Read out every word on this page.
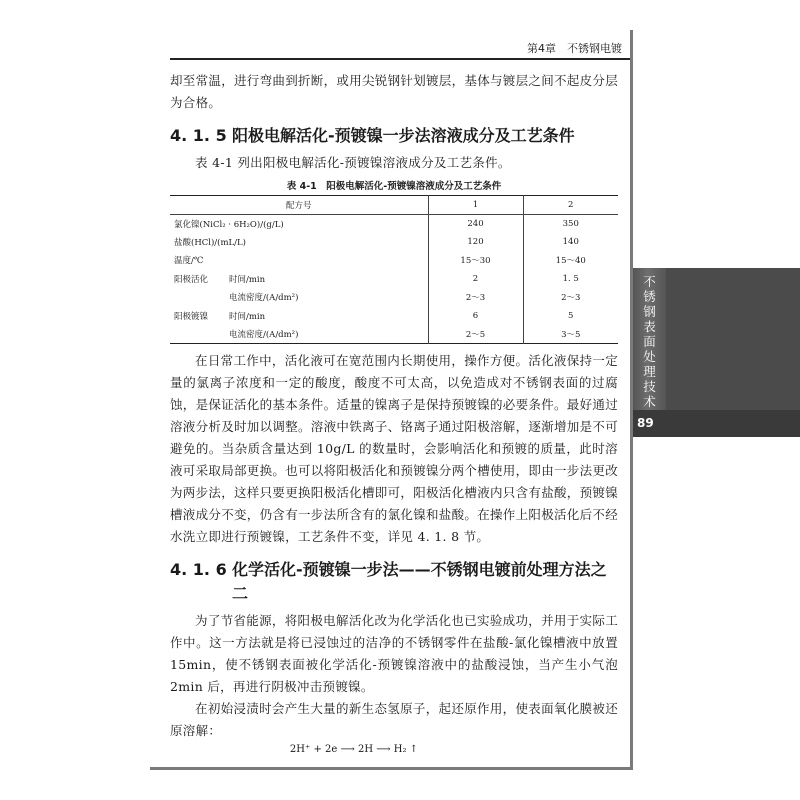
第4章　不锈钢电镀

却至常温，进行弯曲到折断，或用尖锐钢针划镀层，基体与镀层之间不起皮分层为合格。

4. 1. 5 阳极电解活化-预镀镍一步法溶液成分及工艺条件

表 4-1 列出阳极电解活化-预镀镍溶液成分及工艺条件。

表 4-1　阳极电解活化-预镀镍溶液成分及工艺条件
配方号		1	2
氯化镍(NiCl₂ · 6H₂O)/(g/L)		240	350
盐酸(HCl)/(mL/L)		120	140
温度/℃		15～30	15～40
阳极活化	时间/min	2	1. 5
	电流密度/(A/dm²)	2～3	2～3
阳极镀镍	时间/min	6	5
	电流密度/(A/dm²)	2～5	3～5

在日常工作中，活化液可在宽范围内长期使用，操作方便。活化液保持一定量的氯离子浓度和一定的酸度，酸度不可太高，以免造成对不锈钢表面的过腐蚀，是保证活化的基本条件。适量的镍离子是保持预镀镍的必要条件。最好通过溶液分析及时加以调整。溶液中铁离子、铬离子通过阳极溶解，逐渐增加是不可避免的。当杂质含量达到 10g/L 的数量时，会影响活化和预镀的质量，此时溶液可采取局部更换。也可以将阳极活化和预镀镍分两个槽使用，即由一步法更改为两步法，这样只要更换阳极活化槽即可，阳极活化槽液内只含有盐酸，预镀镍槽液成分不变，仍含有一步法所含有的氯化镍和盐酸。在操作上阳极活化后不经水洗立即进行预镀镍，工艺条件不变，详见 4. 1. 8 节。

4. 1. 6 化学活化-预镀镍一步法——不锈钢电镀前处理方法之二

为了节省能源，将阳极电解活化改为化学活化也已实验成功，并用于实际工作中。这一方法就是将已浸蚀过的洁净的不锈钢零件在盐酸-氯化镍槽液中放置 15min，使不锈钢表面被化学活化-预镀镍溶液中的盐酸浸蚀，当产生小气泡 2min 后，再进行阴极冲击预镀镍。

在初始浸渍时会产生大量的新生态氢原子，起还原作用，使表面氧化膜被还原溶解：

2H⁺ + 2e ⟶ 2H ⟶ H₂ ↑
不
锈
钢
表
面
处
理
技
术
89
